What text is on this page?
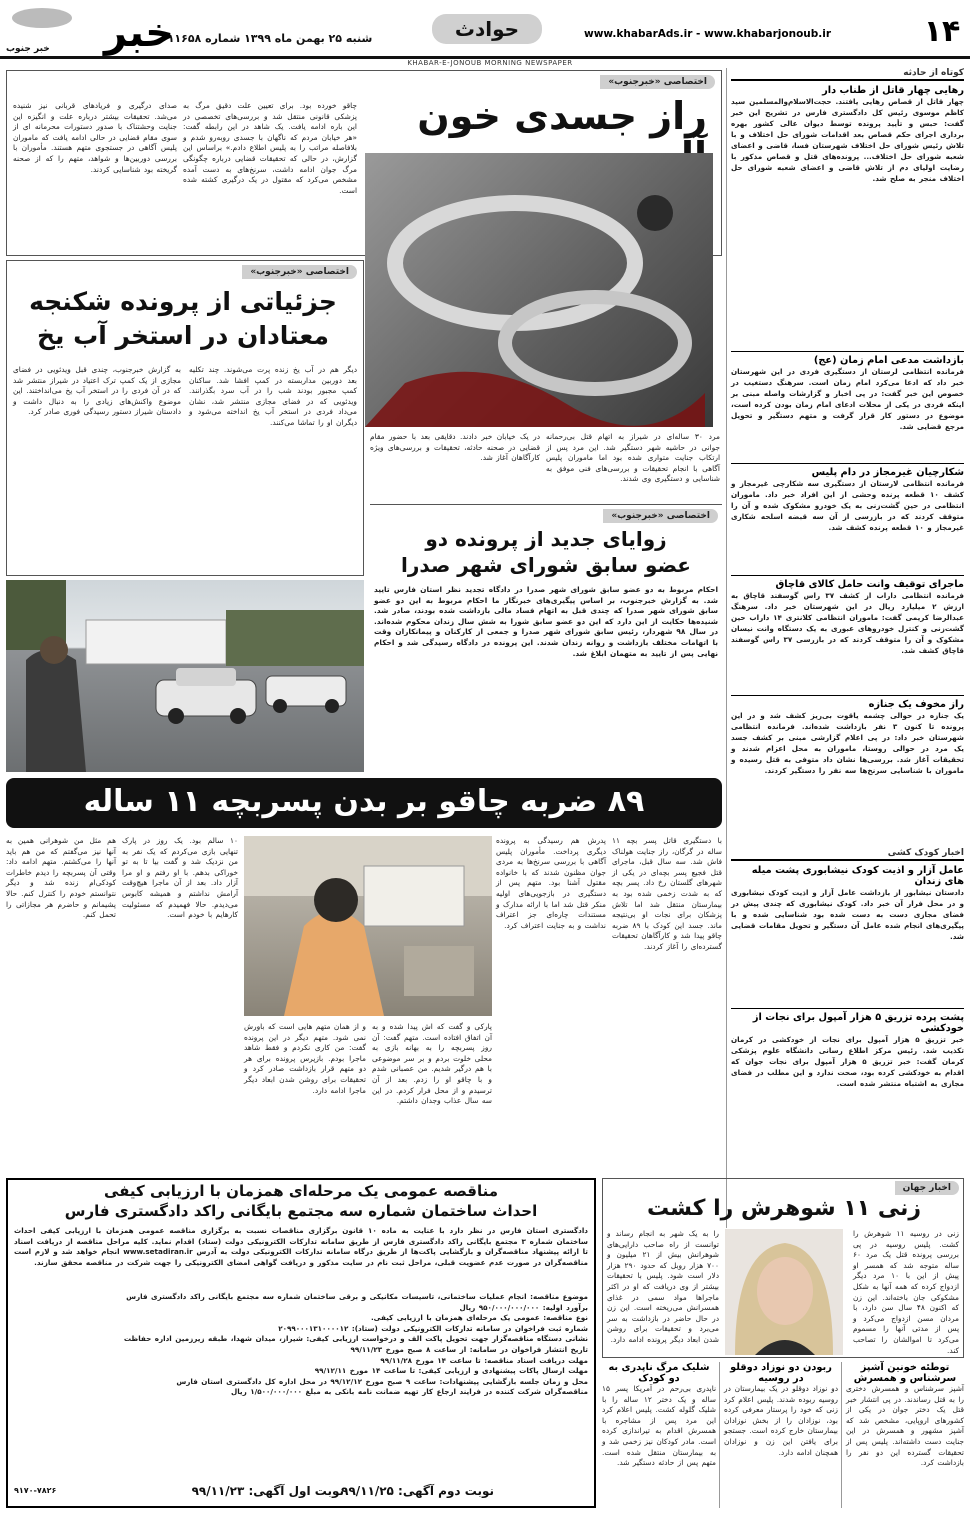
۱۴
www.khabarAds.ir - www.khabarjonoub.ir
حوادث
شنبه ۲۵ بهمن ماه ۱۳۹۹ شماره ۱۱۶۵۸
خبر
خبر جنوب
KHABAR-E-JONOUB MORNING NEWSPAPER
کوتاه از حادثه
رهایی چهار قاتل از طناب دار
چهار قاتل از قصاص رهایی یافتند. حجت‌الاسلام‌والمسلمین سید کاظم موسوی رئیس کل دادگستری فارس در تشریح این خبر گفت: حبس و تأیید پرونده توسط دیوان عالی کشور بهره برداری اجرای حکم قصاص بعد اقدامات شورای حل اختلاف و با تلاش رئیس شورای حل اختلاف شهرستان فسا، قاضی و اعضای شعبه شورای حل اختلاف... پرونده‌های قتل و قصاص مذکور با رضایت اولیای دم از تلاش قاضی و اعضای شعبه شورای حل اختلاف منجر به صلح شد.
بازداشت مدعی امام زمان (عج)
فرمانده انتظامی لرستان از دستگیری فردی در این شهرستان خبر داد که ادعا می‌کرد امام زمان است. سرهنگ دستغیب در خصوص این خبر گفت: در پی اخبار و گزارشات واصله مبنی بر اینکه فردی در یکی از محلات ادعای امام زمان بودن کرده است، موضوع در دستور کار قرار گرفت و متهم دستگیر و تحویل مرجع قضایی شد.
شکارچیان غیرمجاز در دام پلیس
فرمانده انتظامی لارستان از دستگیری سه شکارچی غیرمجاز و کشف ۱۰ قطعه پرنده وحشی از این افراد خبر داد. ماموران انتظامی در حین گشت‌زنی به یک خودرو مشکوک شده و آن را متوقف کردند که در بازرسی از آن سه قبضه اسلحه شکاری غیرمجاز و ۱۰ قطعه پرنده کشف شد.
ماجرای توقیف وانت حامل کالای قاچاق
فرمانده انتظامی داراب از کشف ۳۷ راس گوسفند قاچاق به ارزش ۲ میلیارد ریال در این شهرستان خبر داد. سرهنگ عبدالرضا کریمی گفت: ماموران انتظامی کلانتری ۱۴ داراب حین گشت‌زنی و کنترل خودروهای عبوری به یک دستگاه وانت نیسان مشکوک و آن را متوقف کردند که در بازرسی ۳۷ راس گوسفند قاچاق کشف شد.
راز مخوف یک جنازه
یک جنازه در حوالی چشمه یاقوت بی‌ریز کشف شد و در این پرونده تا کنون ۳ نفر بازداشت شده‌اند. فرمانده انتظامی شهرستان خبر داد: در پی اعلام گزارشی مبنی بر کشف جسد یک مرد در حوالی روستا، ماموران به محل اعزام شدند و تحقیقات آغاز شد. بررسی‌ها نشان داد متوفی به قتل رسیده و ماموران با شناسایی سرنخ‌ها سه نفر را دستگیر کردند.
اخبار کودک کشی
عامل آزار و اذیت کودک نیشابوری پشت میله های زندان
دادستان نیشابور از بازداشت عامل آزار و اذیت کودک نیشابوری و در محل فرار آن خبر داد. کودک نیشابوری که چندی پیش در فضای مجازی دست به دست شده بود شناسایی شده و با پیگیری‌های انجام شده عامل آن دستگیر و تحویل مقامات قضایی شد.
پشت پرده تزریق ۵ هزار آمپول برای نجات از خودکشی
خبر تزریق ۵ هزار آمپول برای نجات از خودکشی در کرمان تکذیب شد. رئیس مرکز اطلاع رسانی دانشگاه علوم پزشکی کرمان گفت: خبر تزریق ۵ هزار آمپول برای نجات جوان که اقدام به خودکشی کرده بود، صحت ندارد و این مطلب در فضای مجازی به اشتباه منتشر شده است.
اختصاصی «خبرجنوب»
راز جسدی خون
چاقو خورده بود. برای تعیین علت دقیق مرگ به پزشکی قانونی منتقل شد و بررسی‌های تخصصی در این باره ادامه یافت. یک شاهد در این رابطه گفت: «هر خیابان مردم که ناگهان با جسدی روبه‌رو شدم و بلافاصله مراتب را به پلیس اطلاع دادم.» براساس این گزارش، در حالی که تحقیقات قضایی درباره چگونگی مرگ جوان ادامه داشت، سرنخ‌های به دست آمده مشخص می‌کرد که مقتول در یک درگیری کشته شده است.
صدای درگیری و فریادهای قربانی نیز شنیده می‌شد. تحقیقات بیشتر درباره علت و انگیزه این جنایت وحشتناک با صدور دستورات محرمانه ای از سوی مقام قضایی در حالی ادامه یافت که ماموران پلیس آگاهی در جستجوی متهم هستند. مأموران با بررسی دوربین‌ها و شواهد، متهم را که از صحنه گریخته بود شناسایی کردند.
اختصاصی «خبرجنوب»
جزئیاتی از پرونده شکنجه
معتادان در استخر آب یخ
دیگر هم در آب یخ زنده پرت می‌شوند. چند تکلیه بعد دوربین مداربسته در کمپ افشا شد. ساکنان کمپ مجبور بودند شب را در آب سرد بگذرانند. ویدئویی که در فضای مجازی منتشر شد، نشان می‌داد فردی در استخر آب یخ انداخته می‌شود و دیگران او را تماشا می‌کنند.
به گزارش خبرجنوب، چندی قبل ویدئویی در فضای مجازی از یک کمپ ترک اعتیاد در شیراز منتشر شد که در آن فردی را در استخر آب یخ می‌انداختند. این موضوع واکنش‌های زیادی را به دنبال داشت و دادستان شیراز دستور رسیدگی فوری صادر کرد.
مرد ۳۰ ساله‌ای در شیراز به اتهام قتل بی‌رحمانه جوانی در حاشیه شهر دستگیر شد. این مرد پس از ارتکاب جنایت متواری شده بود اما ماموران پلیس آگاهی با انجام تحقیقات و بررسی‌های فنی موفق به شناسایی و دستگیری وی شدند.
در یک خیابان خبر دادند. دقایقی بعد با حضور مقام قضایی در صحنه حادثه، تحقیقات و بررسی‌های ویژه کارآگاهان آغاز شد.
اختصاصی «خبرجنوب»
زوایای جدید از پرونده دو
عضو سابق شورای شهر صدرا
احکام مربوط به دو عضو سابق شورای شهر صدرا در دادگاه تجدید نظر استان فارس تایید شد. به گزارش خبرجنوب، بر اساس پیگیری‌های خبرنگار ما احکام مربوط به این دو عضو سابق شورای شهر صدرا که چندی قبل به اتهام فساد مالی بازداشت شده بودند، صادر شد. شنیده‌ها حکایت از این دارد که این دو عضو سابق شورا به شش سال زندان محکوم شده‌اند. در سال ۹۸ شهردار، رئیس سابق شورای شهر صدرا و جمعی از کارکنان و پیمانکاران وقت با اتهامات مختلف بازداشت و روانه زندان شدند. این پرونده در دادگاه رسیدگی شد و احکام نهایی پس از تایید به متهمان ابلاغ شد.
۸۹ ضربه چاقو بر بدن پسربچه ۱۱ ساله
با دستگیری قاتل پسر بچه ۱۱ ساله در گرگان، راز جنایت هولناک فاش شد. سه سال قبل، ماجرای قتل فجیع پسر بچه‌ای در یکی از شهرهای گلستان رخ داد. پسر بچه که به شدت زخمی شده بود به بیمارستان منتقل شد اما تلاش پزشکان برای نجات او بی‌نتیجه ماند. جسد این کودک با ۸۹ ضربه چاقو پیدا شد و کارآگاهان تحقیقات گسترده‌ای را آغاز کردند.
پدرش هم رسیدگی به پرونده دیگری پرداخت. مأموران پلیس آگاهی با بررسی سرنخ‌ها به مردی جوان مظنون شدند که با خانواده مقتول آشنا بود. متهم پس از دستگیری در بازجویی‌های اولیه منکر قتل شد اما با ارائه مدارک و مستندات چاره‌ای جز اعتراف نداشت و به جنایت اعتراف کرد.
پارکی و گفت که اش پیدا شده و به آن اتفاق افتاده است. متهم گفت: آن روز پسربچه را به بهانه بازی به محلی خلوت بردم و بر سر موضوعی با هم درگیر شدیم. من عصبانی شدم و با چاقو او را زدم. بعد از آن ترسیدم و از محل فرار کردم. در این سه سال عذاب وجدان داشتم.
و از همان متهم هایی است که باورش نمی شود. متهم دیگر در این پرونده گفت: من کاری نکردم و فقط شاهد ماجرا بودم. بازپرس پرونده برای هر دو متهم قرار بازداشت صادر کرد و تحقیقات برای روشن شدن ابعاد دیگر ماجرا ادامه دارد.
۱۰ سالم بود. یک روز در پارک تنهایی بازی می‌کردم که یک نفر به من نزدیک شد و گفت بیا تا به تو خوراکی بدهم. با او رفتم و او مرا آزار داد. بعد از آن ماجرا هیچ‌وقت آرامش نداشتم و همیشه کابوس می‌دیدم. حالا فهمیدم که مسئولیت کارهایم با خودم است.
هم مثل من شوهرانی همین به آنها نیز می‌گفتم که من هم باید آنها را می‌کشتم. متهم ادامه داد: وقتی آن پسربچه را دیدم خاطرات کودکی‌ام زنده شد و دیگر نتوانستم خودم را کنترل کنم. حالا پشیمانم و حاضرم هر مجازاتی را تحمل کنم.
مناقصه عمومی یک مرحله‌ای همزمان با ارزیابی کیفی
احداث ساختمان شماره سه مجتمع بایگانی راکد دادگستری فارس
دادگستری استان فارس در نظر دارد با عنایت به ماده ۱۰ قانون برگزاری مناقصات نسبت به برگزاری مناقصه عمومی همزمان با ارزیابی کیفی احداث ساختمان شماره ۳ مجتمع بایگانی راکد دادگستری فارس از طریق سامانه تدارکات الکترونیکی دولت (ستاد) اقدام نماید. کلیه مراحل مناقصه از دریافت اسناد تا ارائه پیشنهاد مناقصه‌گران و بازگشایی پاکت‌ها از طریق درگاه سامانه تدارکات الکترونیکی دولت به آدرس www.setadiran.ir انجام خواهد شد و لازم است مناقصه‌گران در صورت عدم عضویت قبلی، مراحل ثبت نام در سایت مذکور و دریافت گواهی امضای الکترونیکی را جهت شرکت در مناقصه محقق سازند.
موضوع مناقصه: انجام عملیات ساختمانی، تاسیسات مکانیکی و برقی ساختمان شماره سه مجتمع بایگانی راکد دادگستری فارس
برآورد اولیه: ۹۵۰/۰۰۰/۰۰۰/۰۰۰ ریال
نوع مناقصه: عمومی یک مرحله‌ای همزمان با ارزیابی کیفی.
شماره ثبت فراخوان در سامانه تدارکات الکترونیکی دولت (ستاد): ۲۰۹۹۰۰۰۱۳۱۰۰۰۰۱۲
نشانی دستگاه مناقصه‌گزار جهت تحویل پاکت الف و درخواست ارزیابی کیفی: شیراز، میدان شهدا، طبقه زیرزمین اداره حفاظت
تاریخ انتشار فراخوان در سامانه: از ساعت ۸ صبح مورخ ۹۹/۱۱/۲۳
مهلت دریافت اسناد مناقصه: تا ساعت ۱۴ مورخ ۹۹/۱۱/۲۸
مهلت ارسال پاکات پیشنهادی و ارزیابی کیفی: تا ساعت ۱۴ مورخ ۹۹/۱۲/۱۱
محل و زمان جلسه بازگشایی پیشنهادات: ساعت ۹ صبح مورخ ۹۹/۱۲/۱۲ در محل اداره کل دادگستری استان فارس
مناقصه‌گران شرکت کننده در فرایند ارجاع کار تهیه ضمانت نامه بانکی به مبلغ ۱/۵۰۰/۰۰۰/۰۰۰ ریال
نوبت اول آگهی: ۹۹/۱۱/۲۳
نوبت دوم آگهی: ۹۹/۱۱/۲۵
۹۱۷۰-۷۸۲۶
اخبار جهان
زنی ۱۱ شوهرش را کشت
زنی در روسیه ۱۱ شوهرش را کشت. پلیس روسیه در پی بررسی پرونده قتل یک مرد ۶۰ ساله متوجه شد که همسر او پیش از این با ۱۰ مرد دیگر ازدواج کرده که همه آنها به شکل مشکوکی جان باخته‌اند. این زن که اکنون ۴۸ سال سن دارد، با مردان مسن ازدواج می‌کرد و پس از مدتی آنها را مسموم می‌کرد تا اموالشان را تصاحب کند.
را به یک شهر به انجام رساند و توانست از راه صاحب دارایی‌های شوهرانش بیش از ۲۱ میلیون و ۷۰۰ هزار روبل که حدود ۲۹۰ هزار دلار است شود. پلیس با تحقیقات بیشتر از وی دریافت که او در اکثر ماجراها مواد سمی در غذای همسرانش می‌ریخته است. این زن در حال حاضر در بازداشت به سر می‌برد و تحقیقات برای روشن شدن ابعاد دیگر پرونده ادامه دارد.
توطئه خونین آشپز سرشناس و همسرش
آشپز سرشناس و همسرش دختری را به قتل رساندند. در پی انتشار خبر قتل یک دختر جوان در یکی از کشورهای اروپایی، مشخص شد که آشپز مشهور و همسرش در این جنایت دست داشته‌اند. پلیس پس از تحقیقات گسترده این دو نفر را بازداشت کرد.
ربودن دو نوزاد دوقلو در روسیه
دو نوزاد دوقلو در یک بیمارستان در روسیه ربوده شدند. پلیس اعلام کرد زنی که خود را پرستار معرفی کرده بود، نوزادان را از بخش نوزادان بیمارستان خارج کرده است. جستجو برای یافتن این زن و نوزادان همچنان ادامه دارد.
شلیک مرگ ناپدری به دو کودک
ناپدری بی‌رحم در آمریکا پسر ۱۵ ساله و یک دختر ۱۲ ساله را با شلیک گلوله کشت. پلیس اعلام کرد این مرد پس از مشاجره با همسرش اقدام به تیراندازی کرده است. مادر کودکان نیز زخمی شد و به بیمارستان منتقل شده است. متهم پس از حادثه دستگیر شد.
